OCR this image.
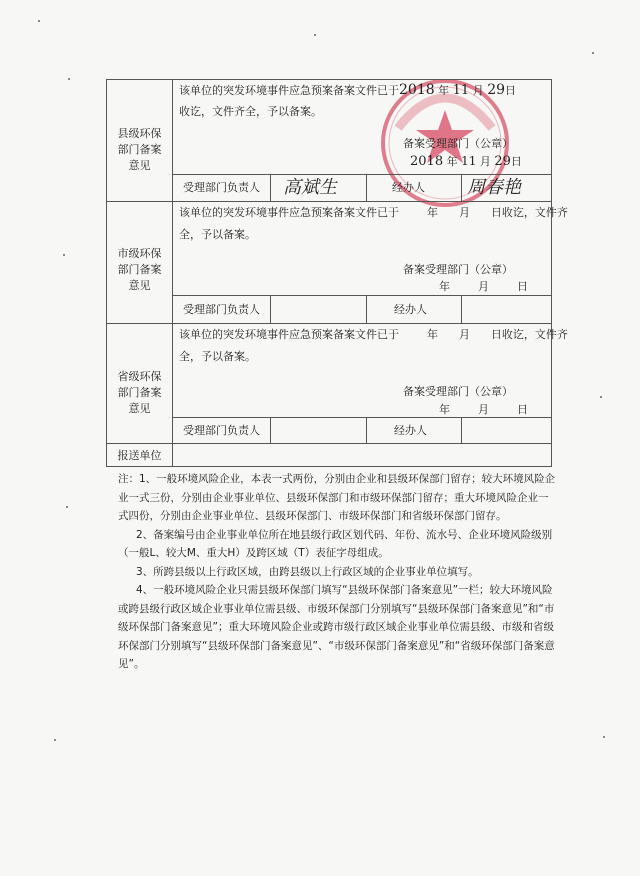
县级环保部门备案意见
该单位的突发环境事件应急预案备案文件已于2018 年 11 月 29日
收讫，文件齐全，予以备案。
备案受理部门（公章）
2018 年 11 月 29日
受理部门负责人 高斌生	经办人 周春艳
市级环保部门备案意见
该单位的突发环境事件应急预案备案文件已于        年      月      日收讫，文件齐
全，予以备案。
备案受理部门（公章）
年        月        日
受理部门负责人	经办人
省级环保部门备案意见
该单位的突发环境事件应急预案备案文件已于        年      月      日收讫，文件齐
全，予以备案。
备案受理部门（公章）
年        月        日
受理部门负责人	经办人
报送单位

注：1、一般环境风险企业，本表一式两份，分别由企业和县级环保部门留存；较大环境风险企业一式三份，分别由企业事业单位、县级环保部门和市级环保部门留存；重大环境风险企业一式四份，分别由企业事业单位、县级环保部门、市级环保部门和省级环保部门留存。

2、备案编号由企业事业单位所在地县级行政区划代码、年份、流水号、企业环境风险级别（一般L、较大M、重大H）及跨区域（T）表征字母组成。

3、所跨县级以上行政区域，由跨县级以上行政区域的企业事业单位填写。

4、一般环境风险企业只需县级环保部门填写“县级环保部门备案意见”一栏；较大环境风险或跨县级行政区域企业事业单位需县级、市级环保部门分别填写“县级环保部门备案意见”和“市级环保部门备案意见”；重大环境风险企业或跨市级行政区域企业事业单位需县级、市级和省级环保部门分别填写“县级环保部门备案意见”、“市级环保部门备案意见”和“省级环保部门备案意见”。
